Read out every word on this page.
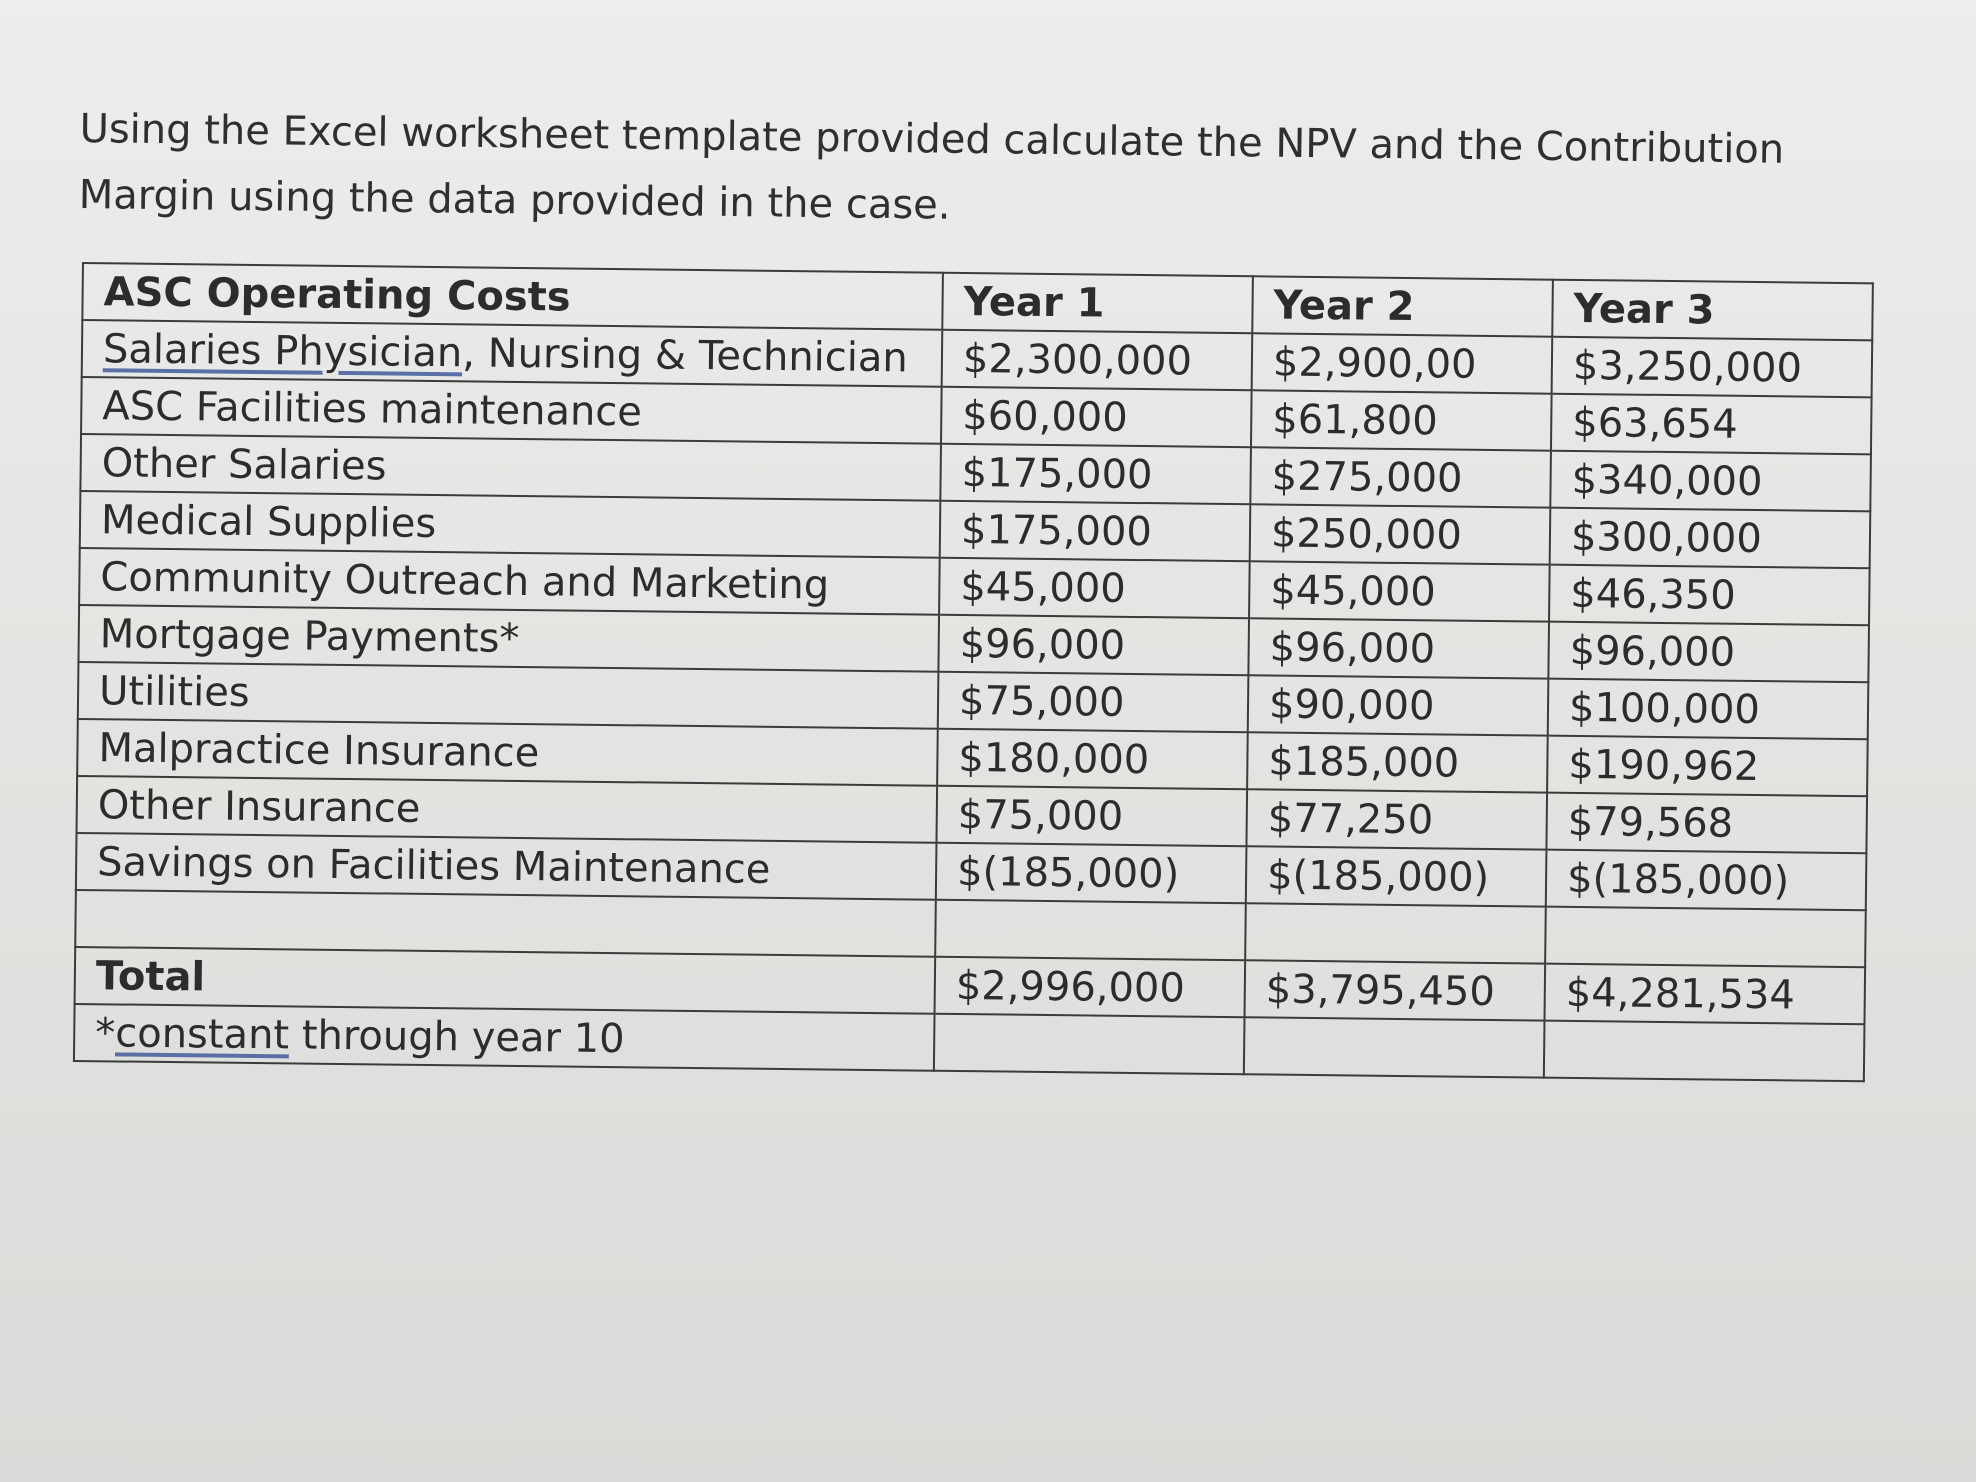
Using the Excel worksheet template provided calculate the NPV and the Contribution
Margin using the data provided in the case.
ASC Operating Costs	Year 1	Year 2	Year 3
Salaries Physician, Nursing & Technician	$2,300,000	$2,900,00	$3,250,000
ASC Facilities maintenance	$60,000	$61,800	$63,654
Other Salaries	$175,000	$275,000	$340,000
Medical Supplies	$175,000	$250,000	$300,000
Community Outreach and Marketing	$45,000	$45,000	$46,350
Mortgage Payments*	$96,000	$96,000	$96,000
Utilities	$75,000	$90,000	$100,000
Malpractice Insurance	$180,000	$185,000	$190,962
Other Insurance	$75,000	$77,250	$79,568
Savings on Facilities Maintenance	$(185,000)	$(185,000)	$(185,000)

Total	$2,996,000	$3,795,450	$4,281,534
*constant through year 10			
